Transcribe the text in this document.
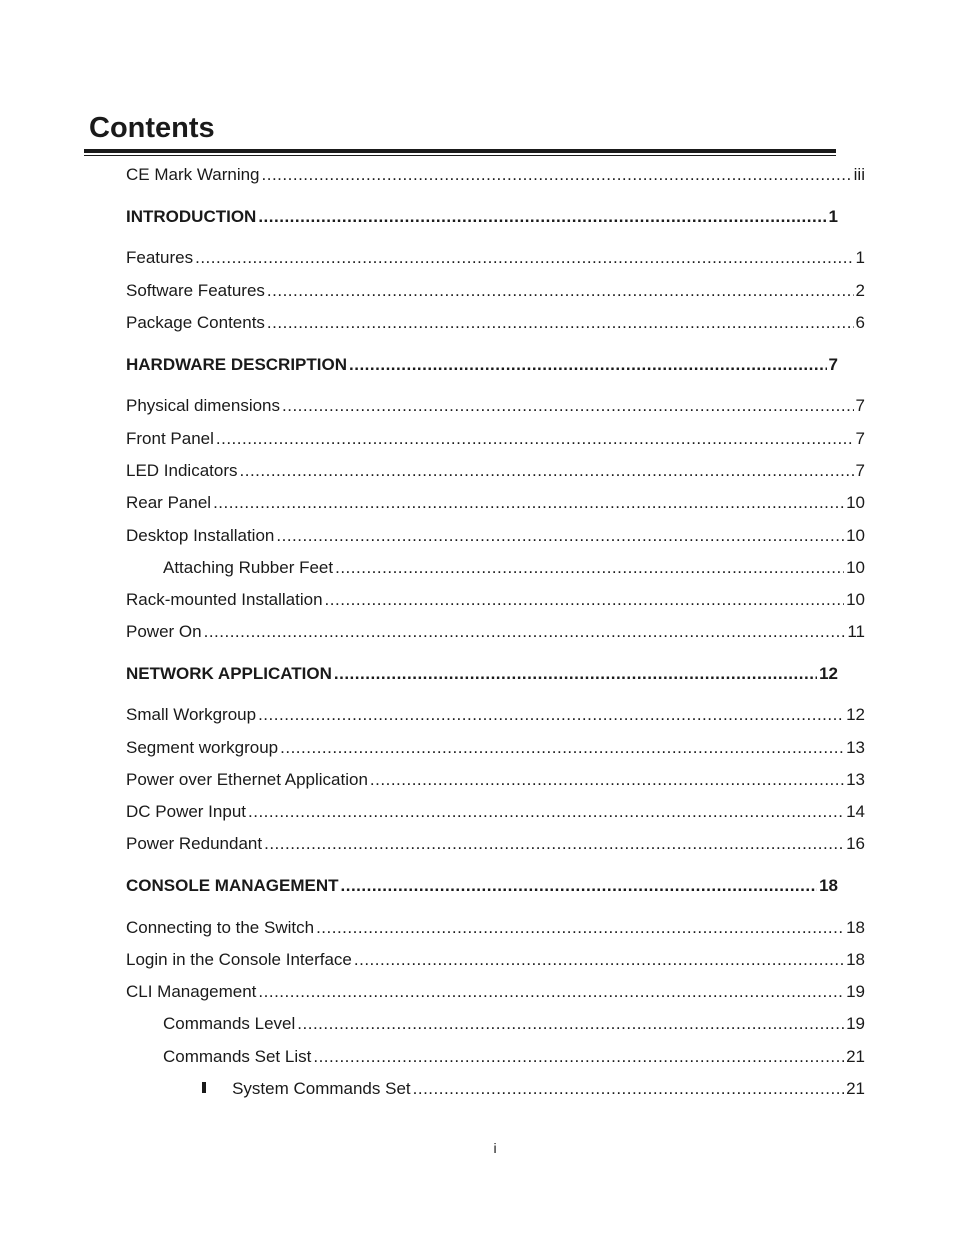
Contents
CE Mark Warning .....	iii
INTRODUCTION .....	1
Features .....	1
Software Features .....	2
Package Contents .....	6
HARDWARE DESCRIPTION .....	7
Physical dimensions .....	7
Front Panel .....	7
LED Indicators .....	7
Rear Panel .....	10
Desktop Installation .....	10
Attaching Rubber Feet .....	10
Rack-mounted Installation .....	10
Power On .....	11
NETWORK APPLICATION .....	12
Small Workgroup .....	12
Segment workgroup .....	13
Power over Ethernet Application .....	13
DC Power Input .....	14
Power Redundant .....	16
CONSOLE MANAGEMENT .....	18
Connecting to the Switch .....	18
Login in the Console Interface .....	18
CLI Management .....	19
Commands Level .....	19
Commands Set List .....	21
System Commands Set .....	21
i
